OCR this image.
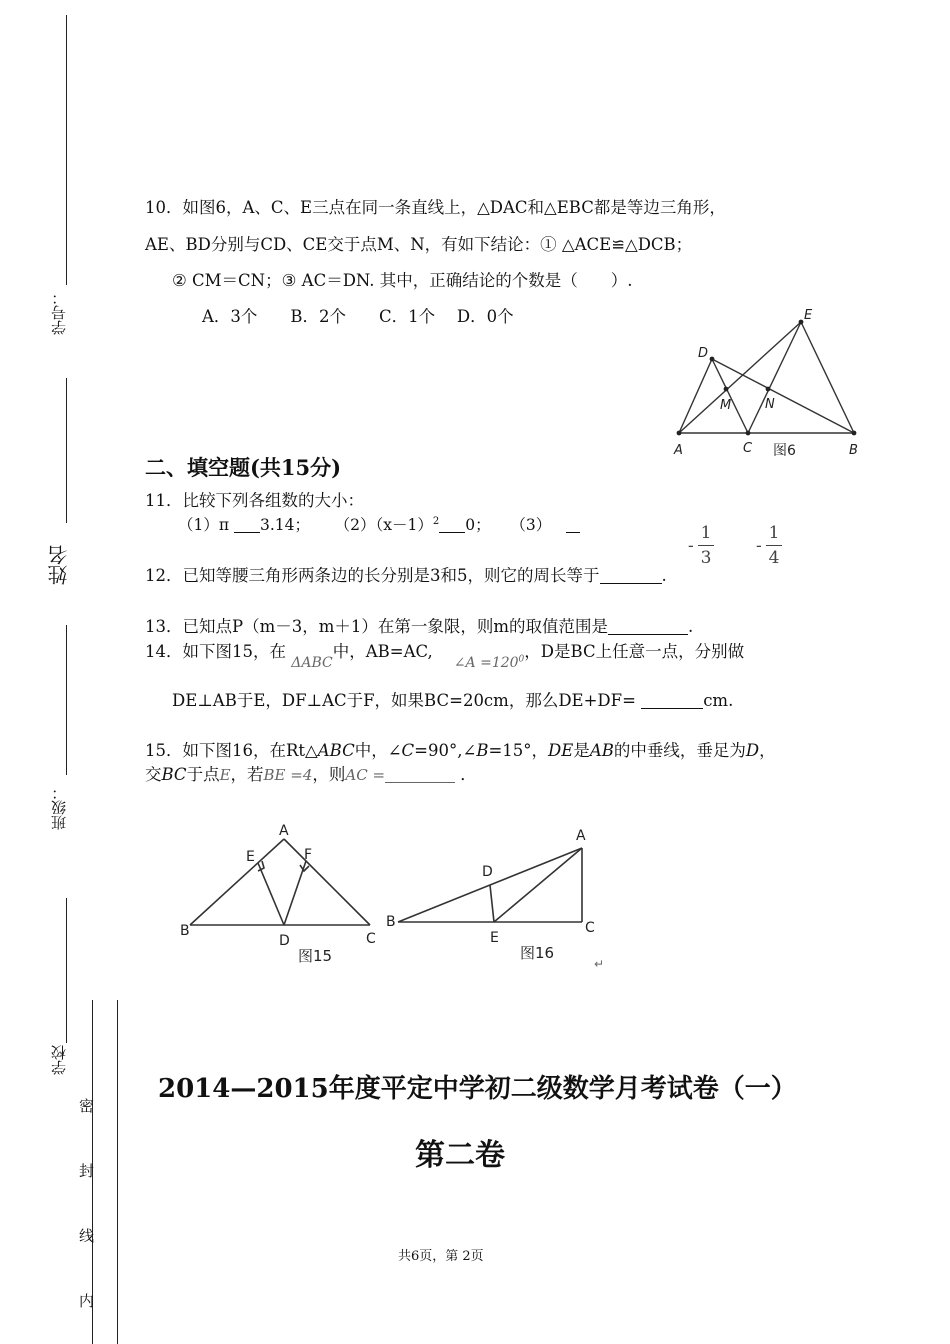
学号：
姓名
班级：
学校
密
封
线
内
10．如图6，A、C、E三点在同一条直线上，△DAC和△EBC都是等边三角形，
AE、BD分别与CD、CE交于点M、N，有如下结论：① △ACE≌△DCB；
② CM＝CN；③ AC＝DN. 其中，正确结论的个数是（　　）.
A．3个　　B．2个　　C．1个　 D．0个
A	B
C
D
E
M	N
图6
二、填空题(共15分)
11．比较下列各组数的大小：
（1）π 3.14； $(2)(x-1)^2$ 0； （3）
-
1
3
-
1
4
12．已知等腰三角形两条边的长分别是3和5，则它的周长等于	.
13．已知点P（m－3，m＋1）在第一象限，则m的取值范围是	.
14．如下图15，在 $_{\Delta ABC}$中，AB=AC,    $_{\angle A =120^0}$，D是BC上任意一点，分别做
DE⊥AB于E，DF⊥AC于F，如果BC=20cm，那么DE+DF=	cm.
15．如下图16，在Rt△ABC中，∠C=90°,∠B=15°，DE是AB的中垂线，垂足为D，
交BC于点E，若BE =4，则AC =	．
A
B	C
D
E	F
图15
A
B	C
D
E
图16
↵
2014—2015年度平定中学初二级数学月考试卷（一）
第二卷
共6页，第 2页
